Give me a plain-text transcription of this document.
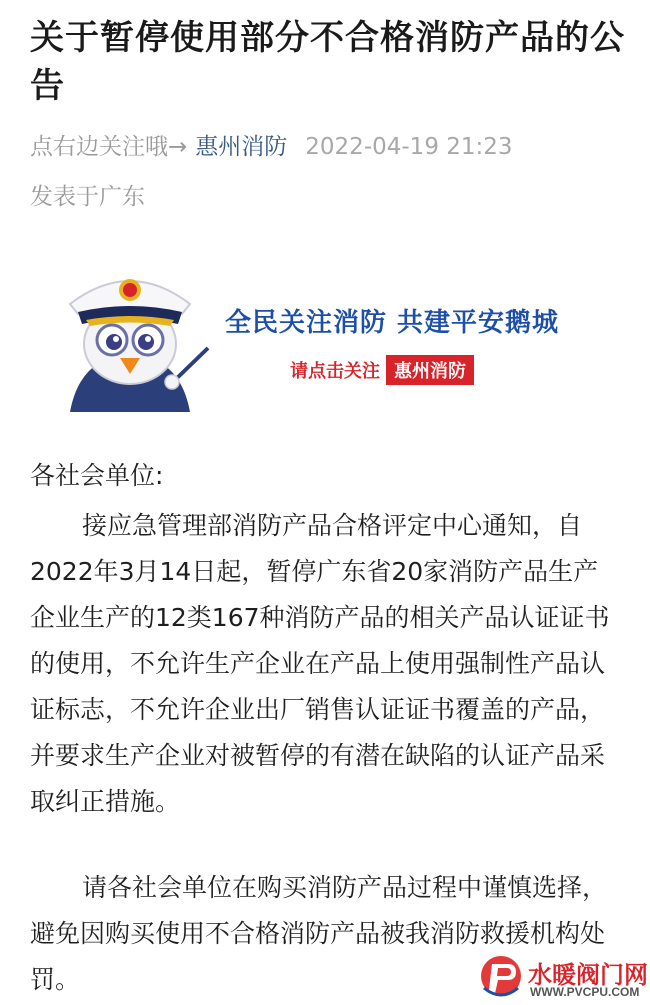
关于暂停使用部分不合格消防产品的公告
点右边关注哦→ 惠州消防 2022-04-19 21:23
发表于广东
全民关注消防 共建平安鹅城
请点击关注 惠州消防
各社会单位:

接应急管理部消防产品合格评定中心通知，自2022年3月14日起，暂停广东省20家消防产品生产企业生产的12类167种消防产品的相关产品认证证书的使用，不允许生产企业在产品上使用强制性产品认证标志，不允许企业出厂销售认证证书覆盖的产品，并要求生产企业对被暂停的有潜在缺陷的认证产品采取纠正措施。

请各社会单位在购买消防产品过程中谨慎选择，避免因购买使用不合格消防产品被我消防救援机构处罚。	水暖阀门网
WWW.PVCPU.COM
